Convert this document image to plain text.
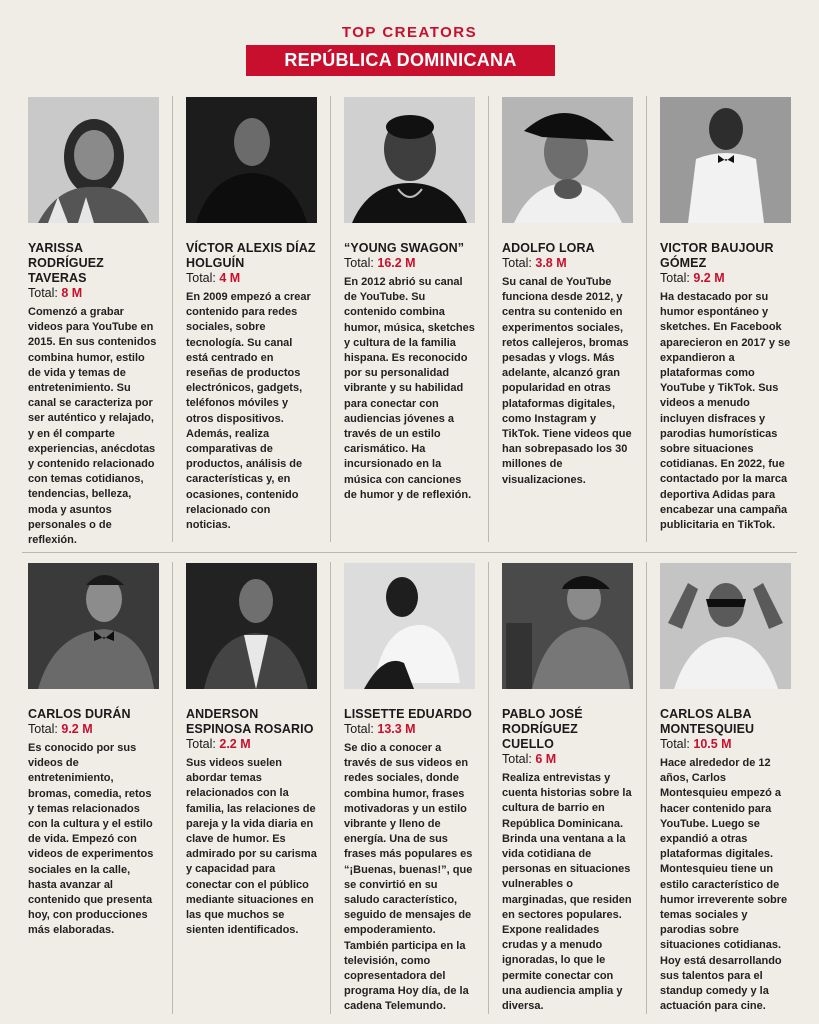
TOP CREATORS
REPÚBLICA DOMINICANA
YARISSA RODRÍGUEZ TAVERAS
Total: 8 M
Comenzó a grabar videos para YouTube en 2015. En sus contenidos combina humor, estilo de vida y temas de entretenimiento. Su canal se caracteriza por ser auténtico y relajado, y en él comparte experiencias, anécdotas y contenido relacionado con temas cotidianos, tendencias, belleza, moda y asuntos personales o de reflexión.
VÍCTOR ALEXIS DÍAZ HOLGUÍN
Total: 4 M
En 2009 empezó a crear contenido para redes sociales, sobre tecnología. Su canal está centrado en reseñas de productos electrónicos, gadgets, teléfonos móviles y otros dispositivos. Además, realiza comparativas de productos, análisis de características y, en ocasiones, contenido relacionado con noticias.
“YOUNG SWAGON”
Total: 16.2 M
En 2012 abrió su canal de YouTube. Su contenido combina humor, música, sketches y cultura de la familia hispana. Es reconocido por su personalidad vibrante y su habilidad para conectar con audiencias jóvenes a través de un estilo carismático. Ha incursionado en la música con canciones de humor y de reflexión.
ADOLFO LORA
Total: 3.8 M
Su canal de YouTube funciona desde 2012, y centra su contenido en experimentos sociales, retos callejeros, bromas pesadas y vlogs. Más adelante, alcanzó gran popularidad en otras plataformas digitales, como Instagram y TikTok. Tiene videos que han sobrepasado los 30 millones de visualizaciones.
VICTOR BAUJOUR GÓMEZ
Total: 9.2 M
Ha destacado por su humor espontáneo y sketches. En Facebook aparecieron en 2017 y se expandieron a plataformas como YouTube y TikTok. Sus videos a menudo incluyen disfraces y parodias humorísticas sobre situaciones cotidianas. En 2022, fue contactado por la marca deportiva Adidas para encabezar una campaña publicitaria en TikTok.
CARLOS DURÁN
Total: 9.2 M
Es conocido por sus videos de entretenimiento, bromas, comedia, retos y temas relacionados con la cultura y el estilo de vida. Empezó con videos de experimentos sociales en la calle, hasta avanzar al contenido que presenta hoy, con producciones más elaboradas.
ANDERSON ESPINOSA ROSARIO
Total: 2.2 M
Sus videos suelen abordar temas relacionados con la familia, las relaciones de pareja y la vida diaria en clave de humor. Es admirado por su carisma y capacidad para conectar con el público mediante situaciones en las que muchos se sienten identificados.
LISSETTE EDUARDO
Total: 13.3 M
Se dio a conocer a través de sus videos en redes sociales, donde combina humor, frases motivadoras y un estilo vibrante y lleno de energía. Una de sus frases más populares es “¡Buenas, buenas!”, que se convirtió en su saludo característico, seguido de mensajes de empoderamiento. También participa en la televisión, como copresentadora del programa Hoy día, de la cadena Telemundo.
PABLO JOSÉ RODRÍGUEZ CUELLO
Total: 6 M
Realiza entrevistas y cuenta historias sobre la cultura de barrio en República Dominicana. Brinda una ventana a la vida cotidiana de personas en situaciones vulnerables o marginadas, que residen en sectores populares. Expone realidades crudas y a menudo ignoradas, lo que le permite conectar con una audiencia amplia y diversa.
CARLOS ALBA MONTESQUIEU
Total: 10.5 M
Hace alrededor de 12 años, Carlos Montesquieu empezó a hacer contenido para YouTube. Luego se expandió a otras plataformas digitales. Montesquieu tiene un estilo característico de humor irreverente sobre temas sociales y parodias sobre situaciones cotidianas. Hoy está desarrollando sus talentos para el standup comedy y la actuación para cine.
